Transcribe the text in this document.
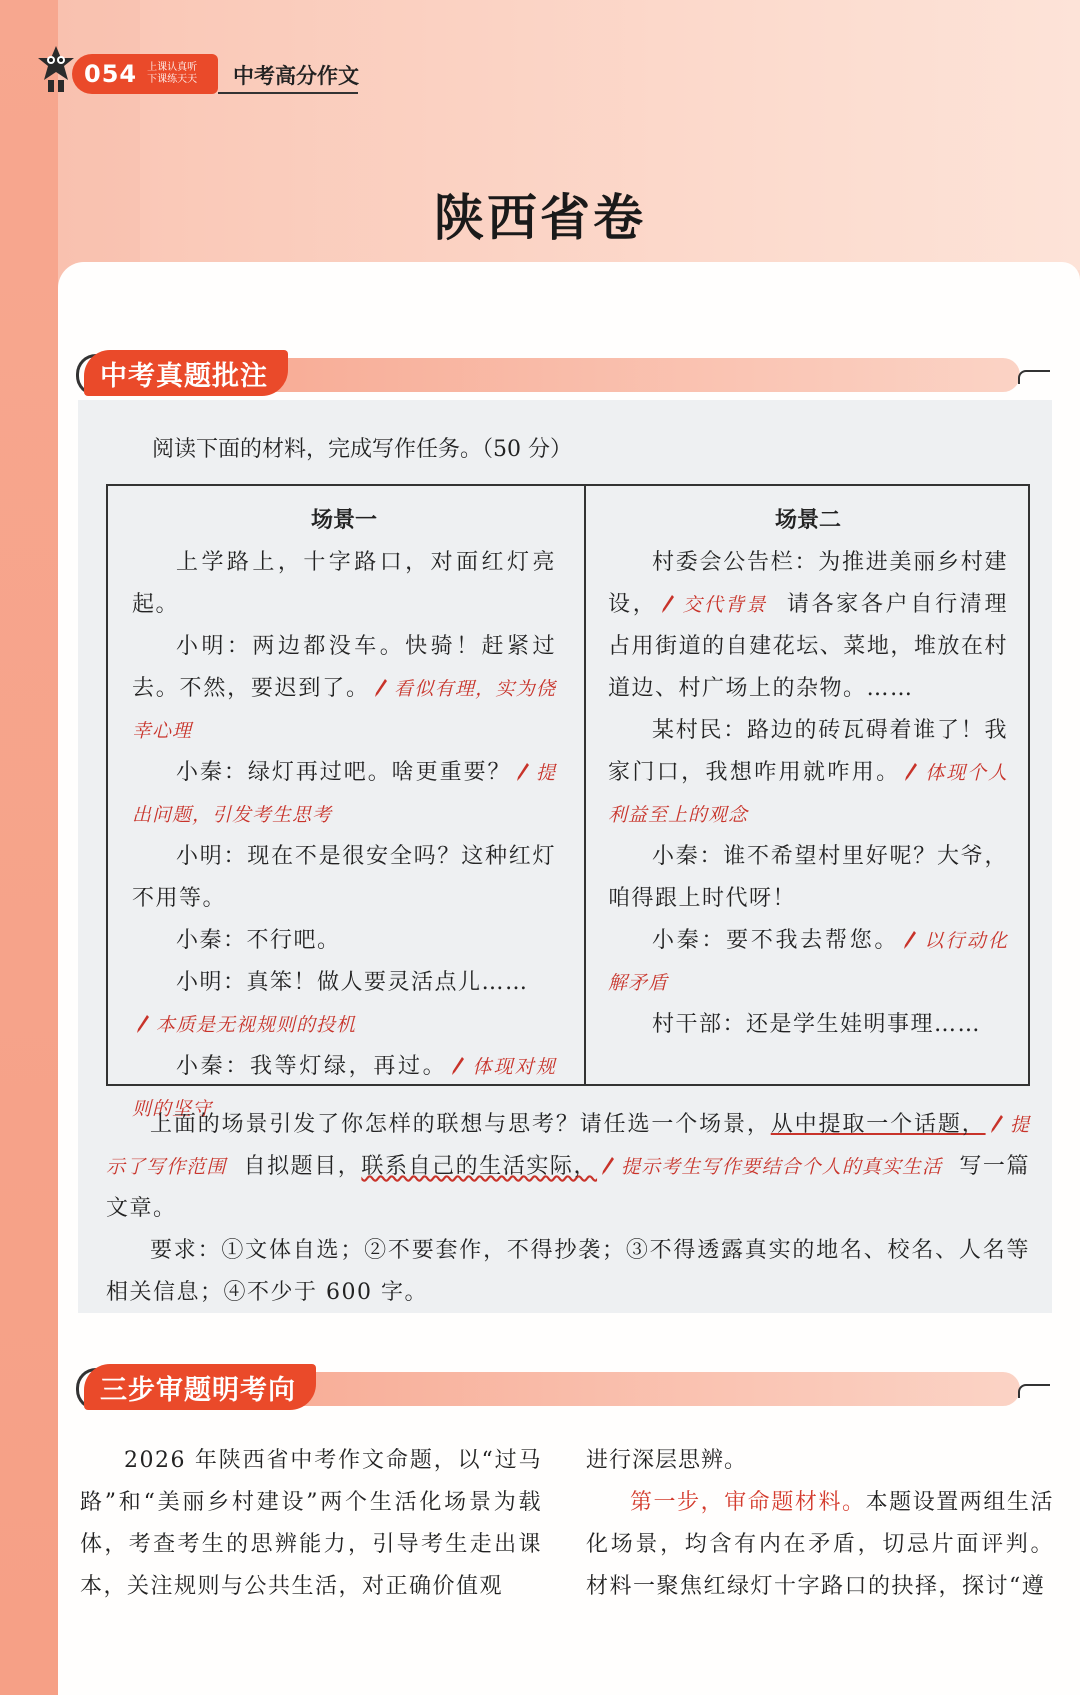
054 上课认真听
下课练天天	中考高分作文
陕西省卷
中考真题批注
阅读下面的材料，完成写作任务。（50 分）
场景一
上学路上，十字路口，对面红灯亮起。
小明：两边都没车。快骑！赶紧过去。不然，要迟到了。 看似有理，实为侥幸心理
小秦：绿灯再过吧。啥更重要？ 提出问题，引发考生思考
小明：现在不是很安全吗？这种红灯不用等。
小秦：不行吧。
小明：真笨！做人要灵活点儿……
本质是无视规则的投机
小秦：我等灯绿，再过。 体现对规则的坚守
场景二
村委会公告栏：为推进美丽乡村建设， 交代背景 请各家各户自行清理占用街道的自建花坛、菜地，堆放在村道边、村广场上的杂物。……
某村民：路边的砖瓦碍着谁了！我家门口，我想咋用就咋用。 体现个人利益至上的观念
小秦：谁不希望村里好呢？大爷，咱得跟上时代呀！
小秦：要不我去帮您。 以行动化解矛盾
村干部：还是学生娃明事理……
上面的场景引发了你怎样的联想与思考？请任选一个场景，从中提取一个话题， 提示了写作范围 自拟题目，联系自己的生活实际， 提示考生写作要结合个人的真实生活 写一篇文章。
要求：①文体自选；②不要套作，不得抄袭；③不得透露真实的地名、校名、人名等相关信息；④不少于 600 字。
三步审题明考向
2026 年陕西省中考作文命题，以“过马路”和“美丽乡村建设”两个生活化场景为载体，考查考生的思辨能力，引导考生走出课本，关注规则与公共生活，对正确价值观
进行深层思辨。
第一步，审命题材料。本题设置两组生活化场景，均含有内在矛盾，切忌片面评判。材料一聚焦红绿灯十字路口的抉择，探讨“遵
